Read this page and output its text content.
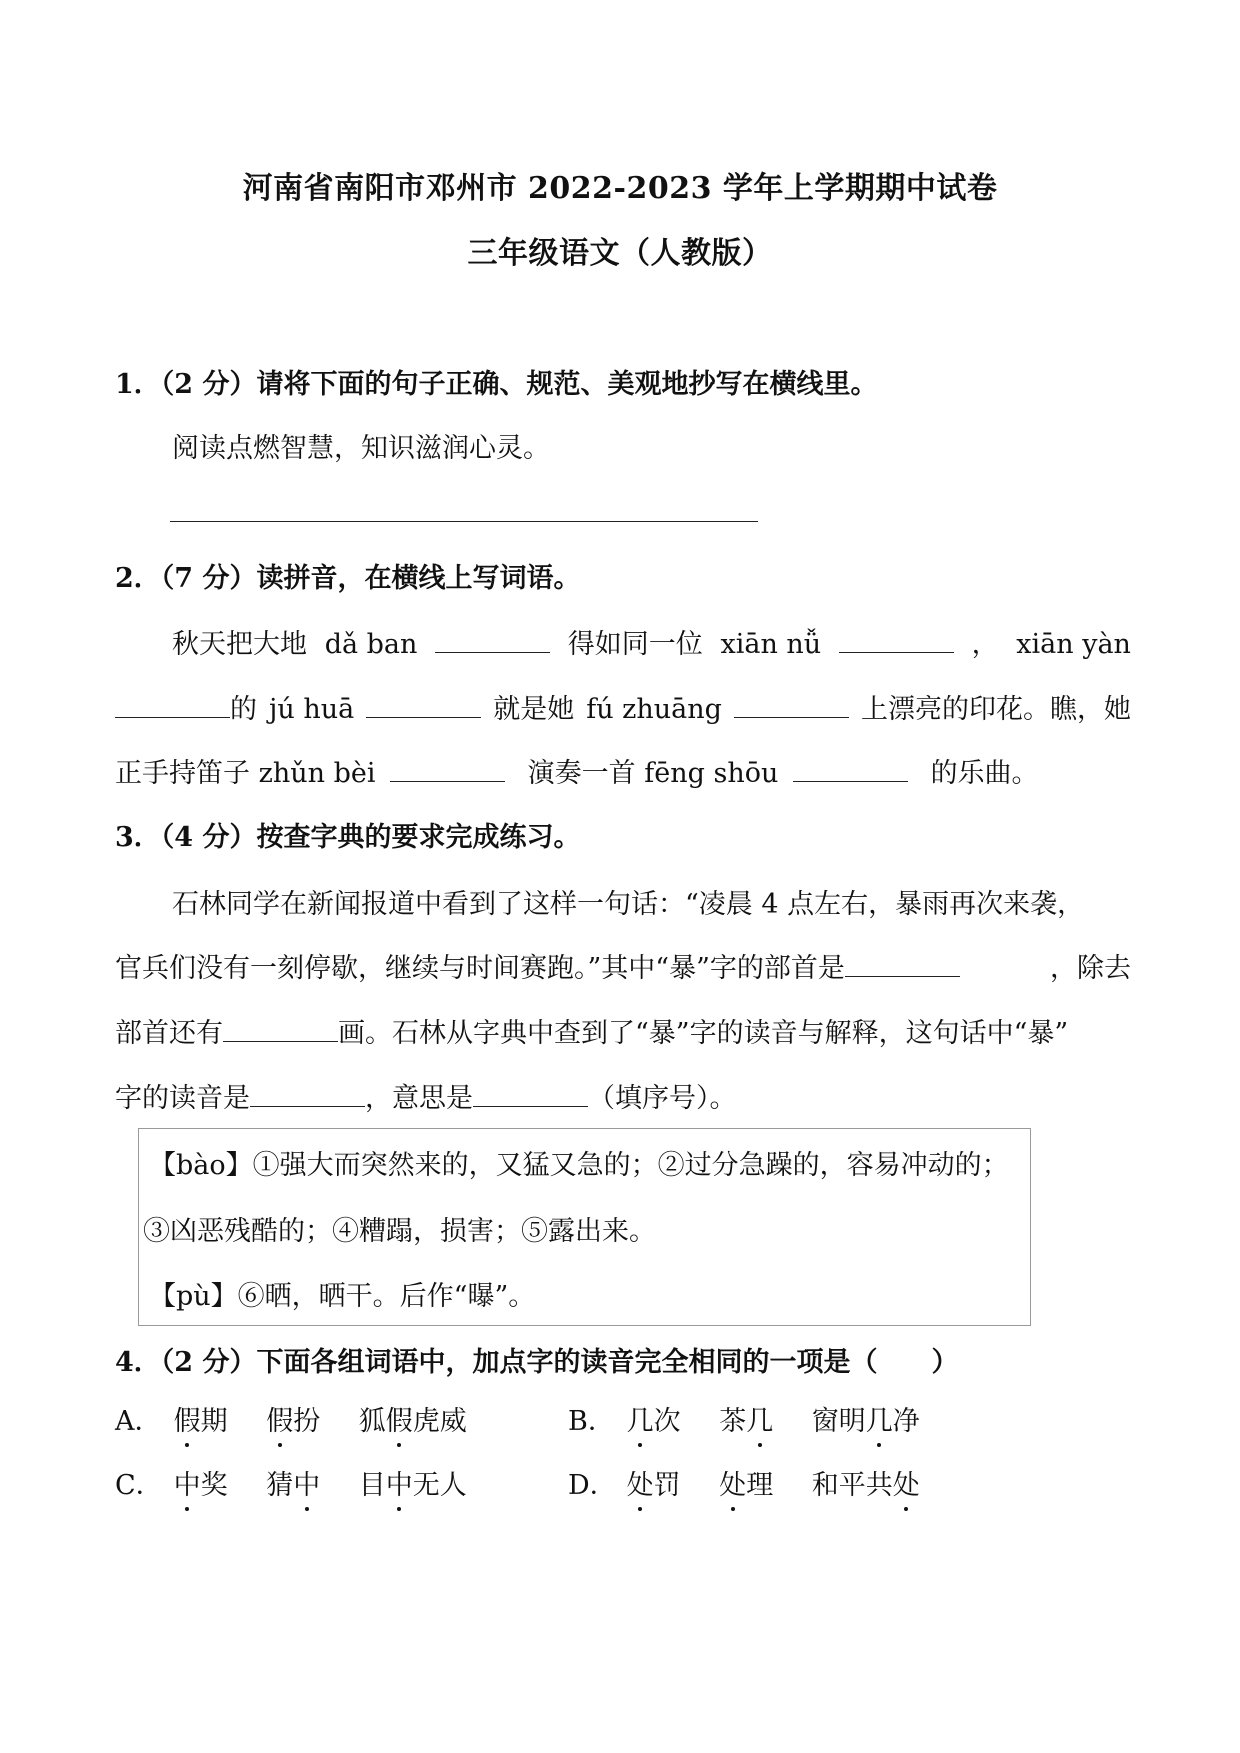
河南省南阳市邓州市 2022-2023 学年上学期期中试卷
三年级语文（人教版）
1．（2 分）请将下面的句子正确、规范、美观地抄写在横线里。
阅读点燃智慧，知识滋润心灵。
2．（7 分）读拼音，在横线上写词语。
秋天把大地 dǎ ban	得如同一位 xiān nǚ	， xiān yàn
的 jú huā	就是她 fú zhuāng	上漂亮的印花。瞧，她
正手持笛子 zhǔn bèi	演奏一首 fēng shōu	的乐曲。
3．（4 分）按查字典的要求完成练习。
石林同学在新闻报道中看到了这样一句话：“凌晨 4 点左右，暴雨再次来袭，
官兵们没有一刻停歇，继续与时间赛跑。”其中“暴”字的部首是	，除去
部首还有	画。石林从字典中查到了“暴”字的读音与解释，这句话中“暴”
字的读音是	，意思是	（填序号）。
【bào】①强大而突然来的，又猛又急的；②过分急躁的，容易冲动的；
③凶恶残酷的；④糟蹋，损害；⑤露出来。
【pù】⑥晒，晒干。后作“曝”。
4．（2 分）下面各组词语中，加点字的读音完全相同的一项是（　　）
A． 假期 假扮 狐假虎威	B． 几次 茶几 窗明几净
C． 中奖 猜中 目中无人	D． 处罚 处理 和平共处
